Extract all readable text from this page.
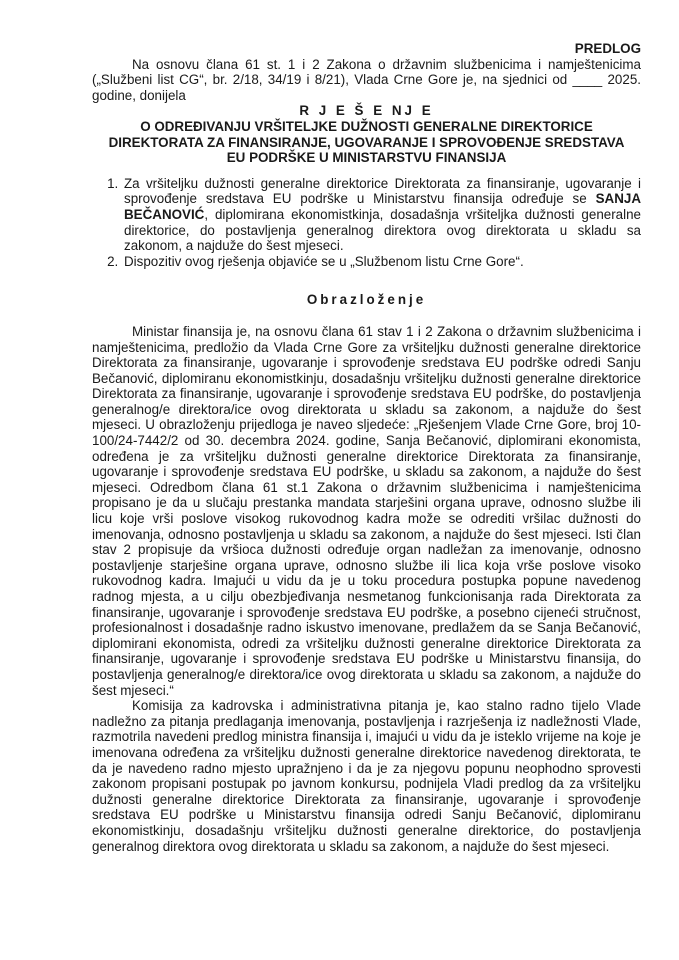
PREDLOG

Na osnovu člana 61 st. 1 i 2 Zakona o državnim službenicima i namještenicima („Službeni list CG“, br. 2/18, 34/19 i 8/21), Vlada Crne Gore je, na sjednici od ____ 2025. godine, donijela

R J E Š E NJ E
O ODREĐIVANJU VRŠITELJKE DUŽNOSTI GENERALNE DIREKTORICE DIREKTORATA ZA FINANSIRANJE, UGOVARANJE I SPROVOĐENJE SREDSTAVA EU PODRŠKE U MINISTARSTVU FINANSIJA
1. Za vršiteljku dužnosti generalne direktorice Direktorata za finansiranje, ugovaranje i sprovođenje sredstava EU podrške u Ministarstvu finansija određuje se SANJA BEČANOVIĆ, diplomirana ekonomistkinja, dosadašnja vršiteljka dužnosti generalne direktorice, do postavljenja generalnog direktora ovog direktorata u skladu sa zakonom, a najduže do šest mjeseci.
2. Dispozitiv ovog rješenja objaviće se u „Službenom listu Crne Gore“.
Obrazloženje

Ministar finansija je, na osnovu člana 61 stav 1 i 2 Zakona o državnim službenicima i namještenicima, predložio da Vlada Crne Gore za vršiteljku dužnosti generalne direktorice Direktorata za finansiranje, ugovaranje i sprovođenje sredstava EU podrške odredi Sanju Bečanović, diplomiranu ekonomistkinju, dosadašnju vršiteljku dužnosti generalne direktorice Direktorata za finansiranje, ugovaranje i sprovođenje sredstava EU podrške, do postavljenja generalnog/e direktora/ice ovog direktorata u skladu sa zakonom, a najduže do šest mjeseci. U obrazloženju prijedloga je naveo sljedeće: „Rješenjem Vlade Crne Gore, broj 10-100/24-7442/2 od 30. decembra 2024. godine, Sanja Bečanović, diplomirani ekonomista, određena je za vršiteljku dužnosti generalne direktorice Direktorata za finansiranje, ugovaranje i sprovođenje sredstava EU podrške, u skladu sa zakonom, a najduže do šest mjeseci. Odredbom člana 61 st.1 Zakona o državnim službenicima i namještenicima propisano je da u slučaju prestanka mandata starješini organa uprave, odnosno službe ili licu koje vrši poslove visokog rukovodnog kadra može se odrediti vršilac dužnosti do imenovanja, odnosno postavljenja u skladu sa zakonom, a najduže do šest mjeseci. Isti član stav 2 propisuje da vršioca dužnosti određuje organ nadležan za imenovanje, odnosno postavljenje starješine organa uprave, odnosno službe ili lica koja vrše poslove visoko rukovodnog kadra. Imajući u vidu da je u toku procedura postupka popune navedenog radnog mjesta, a u cilju obezbjeđivanja nesmetanog funkcionisanja rada Direktorata za finansiranje, ugovaranje i sprovođenje sredstava EU podrške, a posebno cijeneći stručnost, profesionalnost i dosadašnje radno iskustvo imenovane, predlažem da se Sanja Bečanović, diplomirani ekonomista, odredi za vršiteljku dužnosti generalne direktorice Direktorata za finansiranje, ugovaranje i sprovođenje sredstava EU podrške u Ministarstvu finansija, do postavljenja generalnog/e direktora/ice ovog direktorata u skladu sa zakonom, a najduže do šest mjeseci.“

Komisija za kadrovska i administrativna pitanja je, kao stalno radno tijelo Vlade nadležno za pitanja predlaganja imenovanja, postavljenja i razrješenja iz nadležnosti Vlade, razmotrila navedeni predlog ministra finansija i, imajući u vidu da je isteklo vrijeme na koje je imenovana određena za vršiteljku dužnosti generalne direktorice navedenog direktorata, te da je navedeno radno mjesto upražnjeno i da je za njegovu popunu neophodno sprovesti zakonom propisani postupak po javnom konkursu, podnijela Vladi predlog da za vršiteljku dužnosti generalne direktorice Direktorata za finansiranje, ugovaranje i sprovođenje sredstava EU podrške u Ministarstvu finansija odredi Sanju Bečanović, diplomiranu ekonomistkinju, dosadašnju vršiteljku dužnosti generalne direktorice, do postavljenja generalnog direktora ovog direktorata u skladu sa zakonom, a najduže do šest mjeseci.
